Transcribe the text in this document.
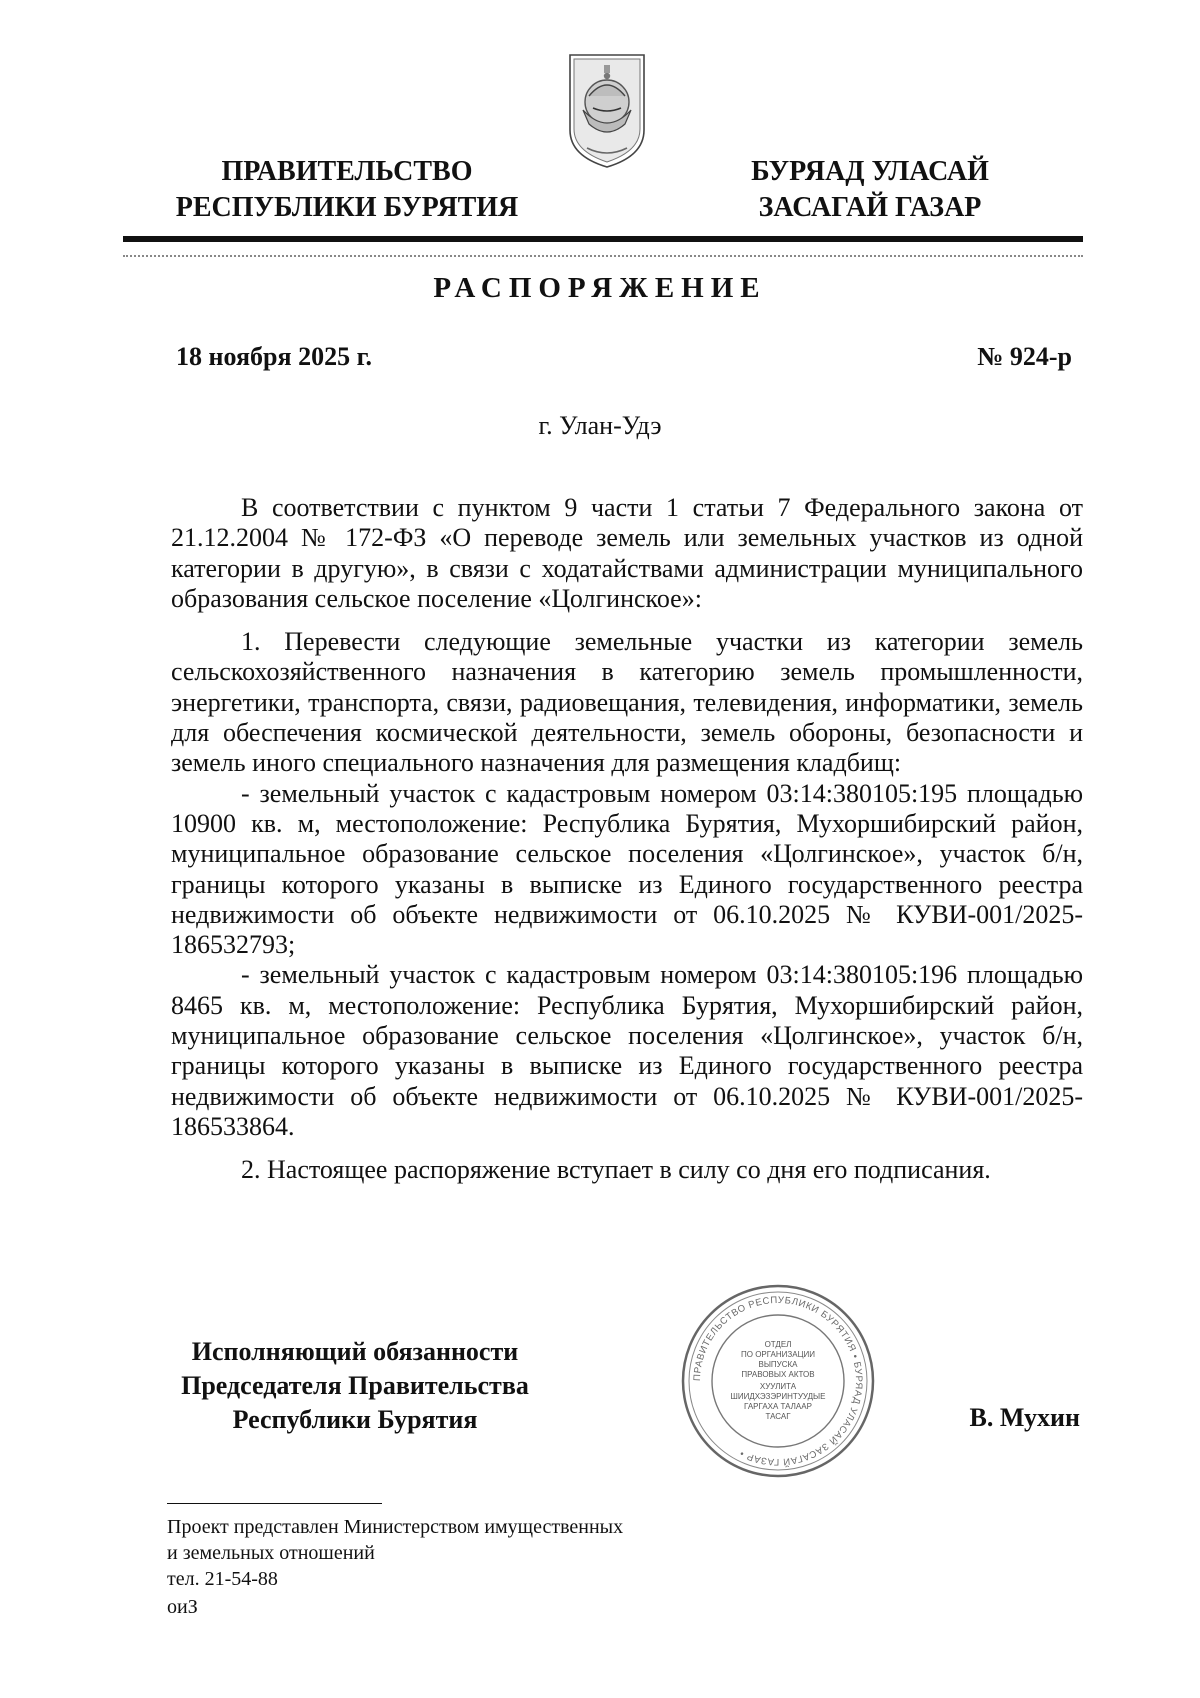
ПРАВИТЕЛЬСТВО
РЕСПУБЛИКИ БУРЯТИЯ
БУРЯАД УЛАСАЙ
ЗАСАГАЙ ГАЗАР
РАСПОРЯЖЕНИЕ
18 ноября 2025 г.	№ 924-р
г. Улан-Удэ

В соответствии с пунктом 9 части 1 статьи 7 Федерального закона от 21.12.2004 № 172-ФЗ «О переводе земель или земельных участков из одной категории в другую», в связи с ходатайствами администрации муниципального образования сельское поселение «Цолгинское»:

1. Перевести следующие земельные участки из категории земель сельскохозяйственного назначения в категорию земель промышленности, энергетики, транспорта, связи, радиовещания, телевидения, информатики, земель для обеспечения космической деятельности, земель обороны, безопасности и земель иного специального назначения для размещения кладбищ:

- земельный участок с кадастровым номером 03:14:380105:195 площадью 10900 кв. м, местоположение: Республика Бурятия, Мухоршибирский район, муниципальное образование сельское поселения «Цолгинское», участок б/н, границы которого указаны в выписке из Единого государственного реестра недвижимости об объекте недвижимости от 06.10.2025 № КУВИ-001/2025-186532793;

- земельный участок с кадастровым номером 03:14:380105:196 площадью 8465 кв. м, местоположение: Республика Бурятия, Мухоршибирский район, муниципальное образование сельское поселения «Цолгинское», участок б/н, границы которого указаны в выписке из Единого государственного реестра недвижимости об объекте недвижимости от 06.10.2025 № КУВИ-001/2025-186533864.

2. Настоящее распоряжение вступает в силу со дня его подписания.

Исполняющий обязанности
Председателя Правительства
Республики Бурятия
ПРАВИТЕЛЬСТВО РЕСПУБЛИКИ БУРЯТИЯ • БУРЯАД УЛАСАЙ ЗАСАГАЙ ГАЗАР •
ОТДЕЛ
ПО ОРГАНИЗАЦИИ
ВЫПУСКА
ПРАВОВЫХ АКТОВ
ХУУЛИТА
ШИИДХЭЗЭРИНТУУДЫЕ
ГАРГАХА ТАЛААР
ТАСАГ	В. Мухин
Проект представлен Министерством имущественных
и земельных отношений
тел. 21-54-88
оиЗ
